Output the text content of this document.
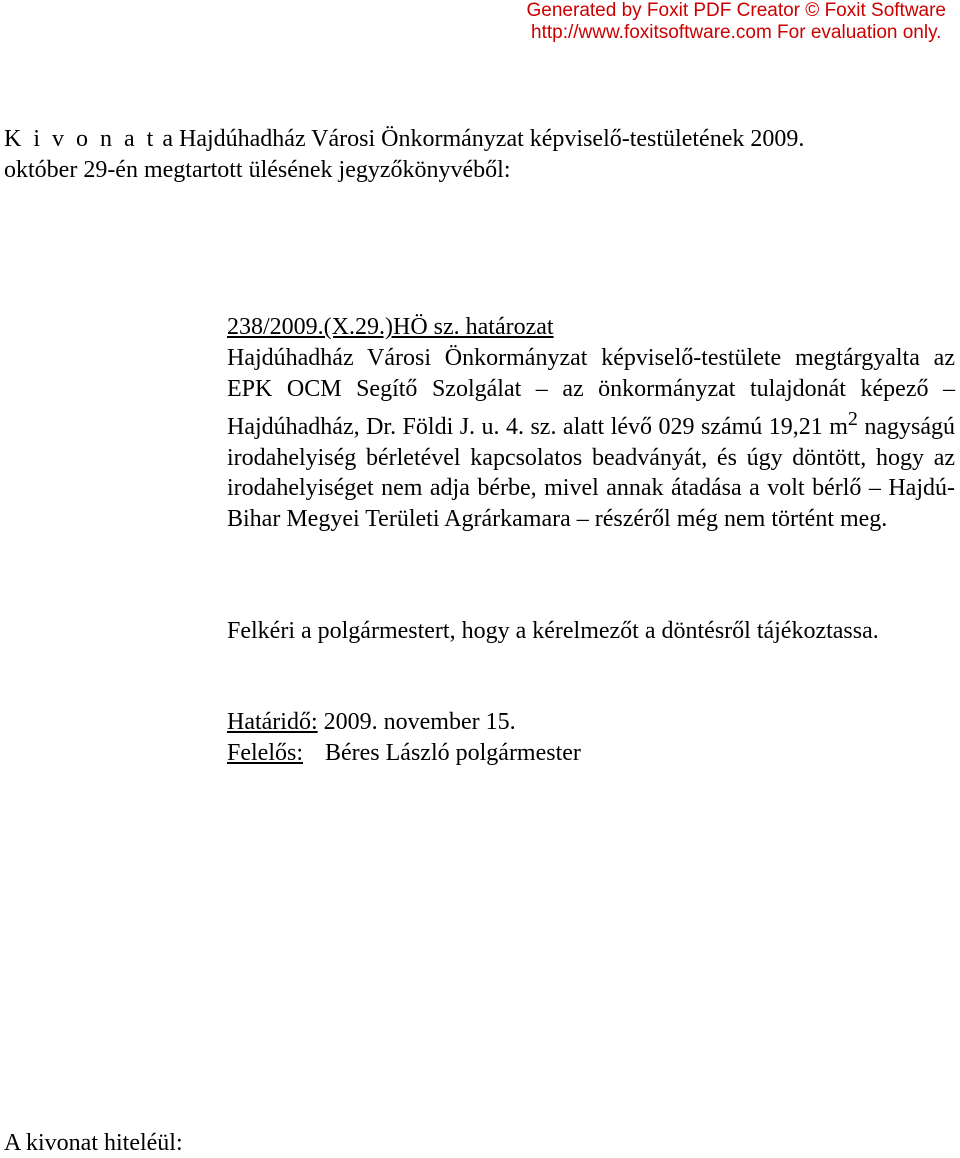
Generated by Foxit PDF Creator © Foxit Software
http://www.foxitsoftware.com For evaluation only.
K i v o n a t a Hajdúhadház Városi Önkormányzat képviselő-testületének 2009.
október 29-én megtartott ülésének jegyzőkönyvéből:
238/2009.(X.29.)HÖ sz. határozat
Hajdúhadház Városi Önkormányzat képviselő-testülete megtárgyalta az EPK OCM Segítő Szolgálat – az önkormányzat tulajdonát képező – Hajdúhadház, Dr. Földi J. u. 4. sz. alatt lévő 029 számú 19,21 $m^2$ nagyságú irodahelyiség bérletével kapcsolatos beadványát, és úgy döntött, hogy az irodahelyiséget nem adja bérbe, mivel annak átadása a volt bérlő – Hajdú-Bihar Megyei Területi Agrárkamara – részéről még nem történt meg.
Felkéri a polgármestert, hogy a kérelmezőt a döntésről tájékoztassa.
Határidő: 2009. november 15.
Felelős: Béres László polgármester
A kivonat hiteléül:
